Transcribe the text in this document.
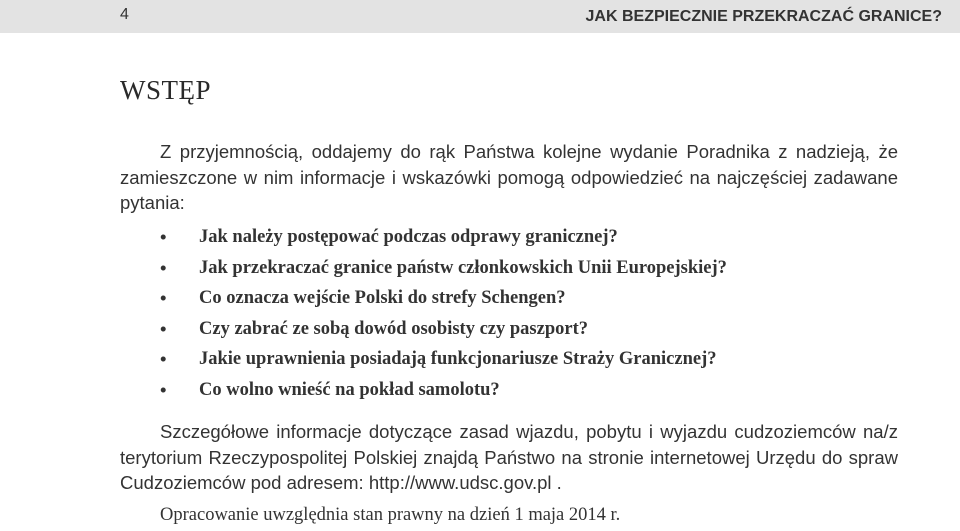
4	JAK BEZPIECZNIE PRZEKRACZAĆ GRANICE?
WSTĘP

Z przyjemnością, oddajemy do rąk Państwa kolejne wydanie Poradnika z nadzieją, że zamieszczone w nim informacje i wskazówki pomogą odpowiedzieć na najczęściej zadawane pytania:

• Jak należy postępować podczas odprawy granicznej?
• Jak przekraczać granice państw członkowskich Unii Europejskiej?
• Co oznacza wejście Polski do strefy Schengen?
• Czy zabrać ze sobą dowód osobisty czy paszport?
• Jakie uprawnienia posiadają funkcjonariusze Straży Granicznej?
• Co wolno wnieść na pokład samolotu?

Szczegółowe informacje dotyczące zasad wjazdu, pobytu i wyjazdu cudzoziemców na/z terytorium Rzeczypospolitej Polskiej znajdą Państwo na stronie internetowej Urzędu do spraw Cudzoziemców pod adresem: http://www.udsc.gov.pl .

Opracowanie uwzględnia stan prawny na dzień 1 maja 2014 r.
